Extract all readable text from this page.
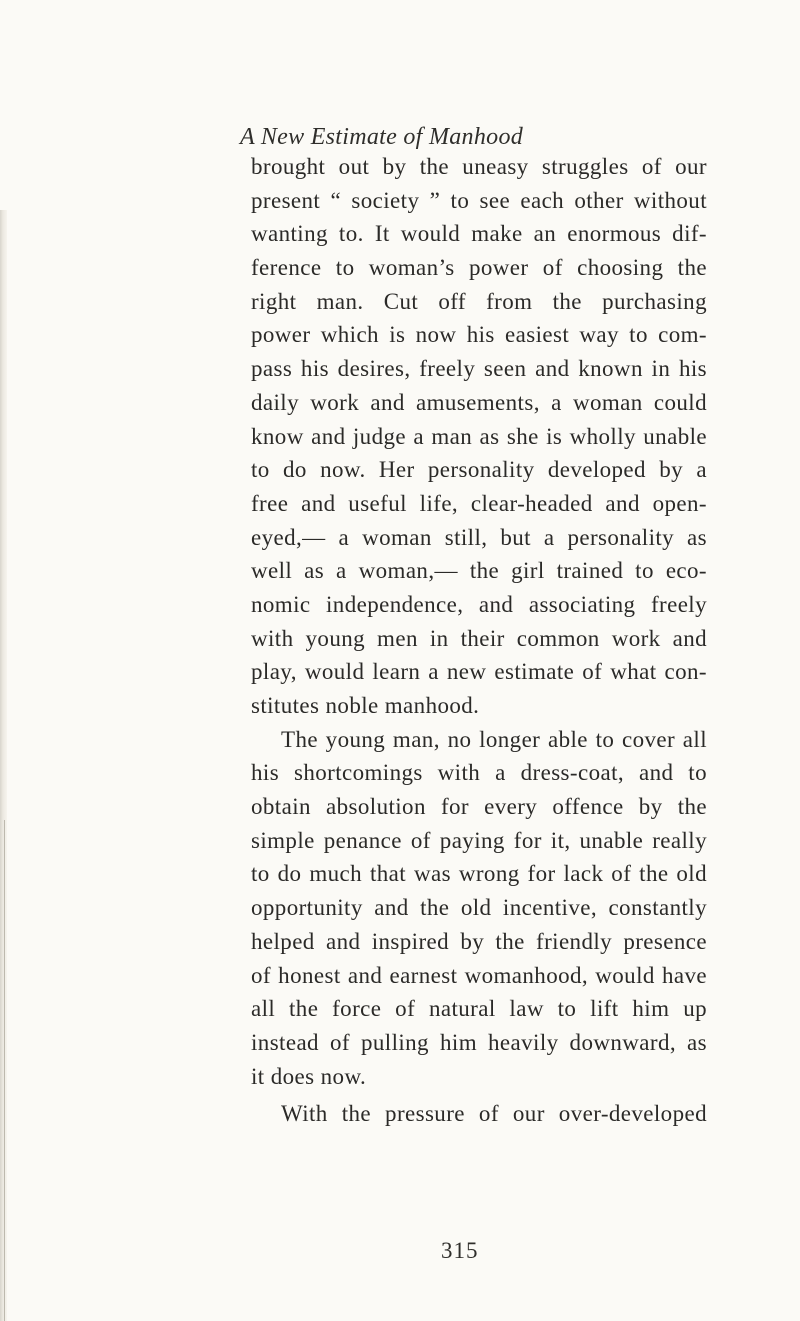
A New Estimate of Manhood
brought out by the uneasy struggles of our
present “ society ” to see each other without
wanting to. It would make an enormous dif-
ference to woman’s power of choosing the
right man. Cut off from the purchasing
power which is now his easiest way to com-
pass his desires, freely seen and known in his
daily work and amusements, a woman could
know and judge a man as she is wholly unable
to do now. Her personality developed by a
free and useful life, clear-headed and open-
eyed,— a woman still, but a personality as
well as a woman,— the girl trained to eco-
nomic independence, and associating freely
with young men in their common work and
play, would learn a new estimate of what con-
stitutes noble manhood.
The young man, no longer able to cover all
his shortcomings with a dress-coat, and to
obtain absolution for every offence by the
simple penance of paying for it, unable really
to do much that was wrong for lack of the old
opportunity and the old incentive, constantly
helped and inspired by the friendly presence
of honest and earnest womanhood, would have
all the force of natural law to lift him up
instead of pulling him heavily downward, as
it does now.
With the pressure of our over-developed
315
